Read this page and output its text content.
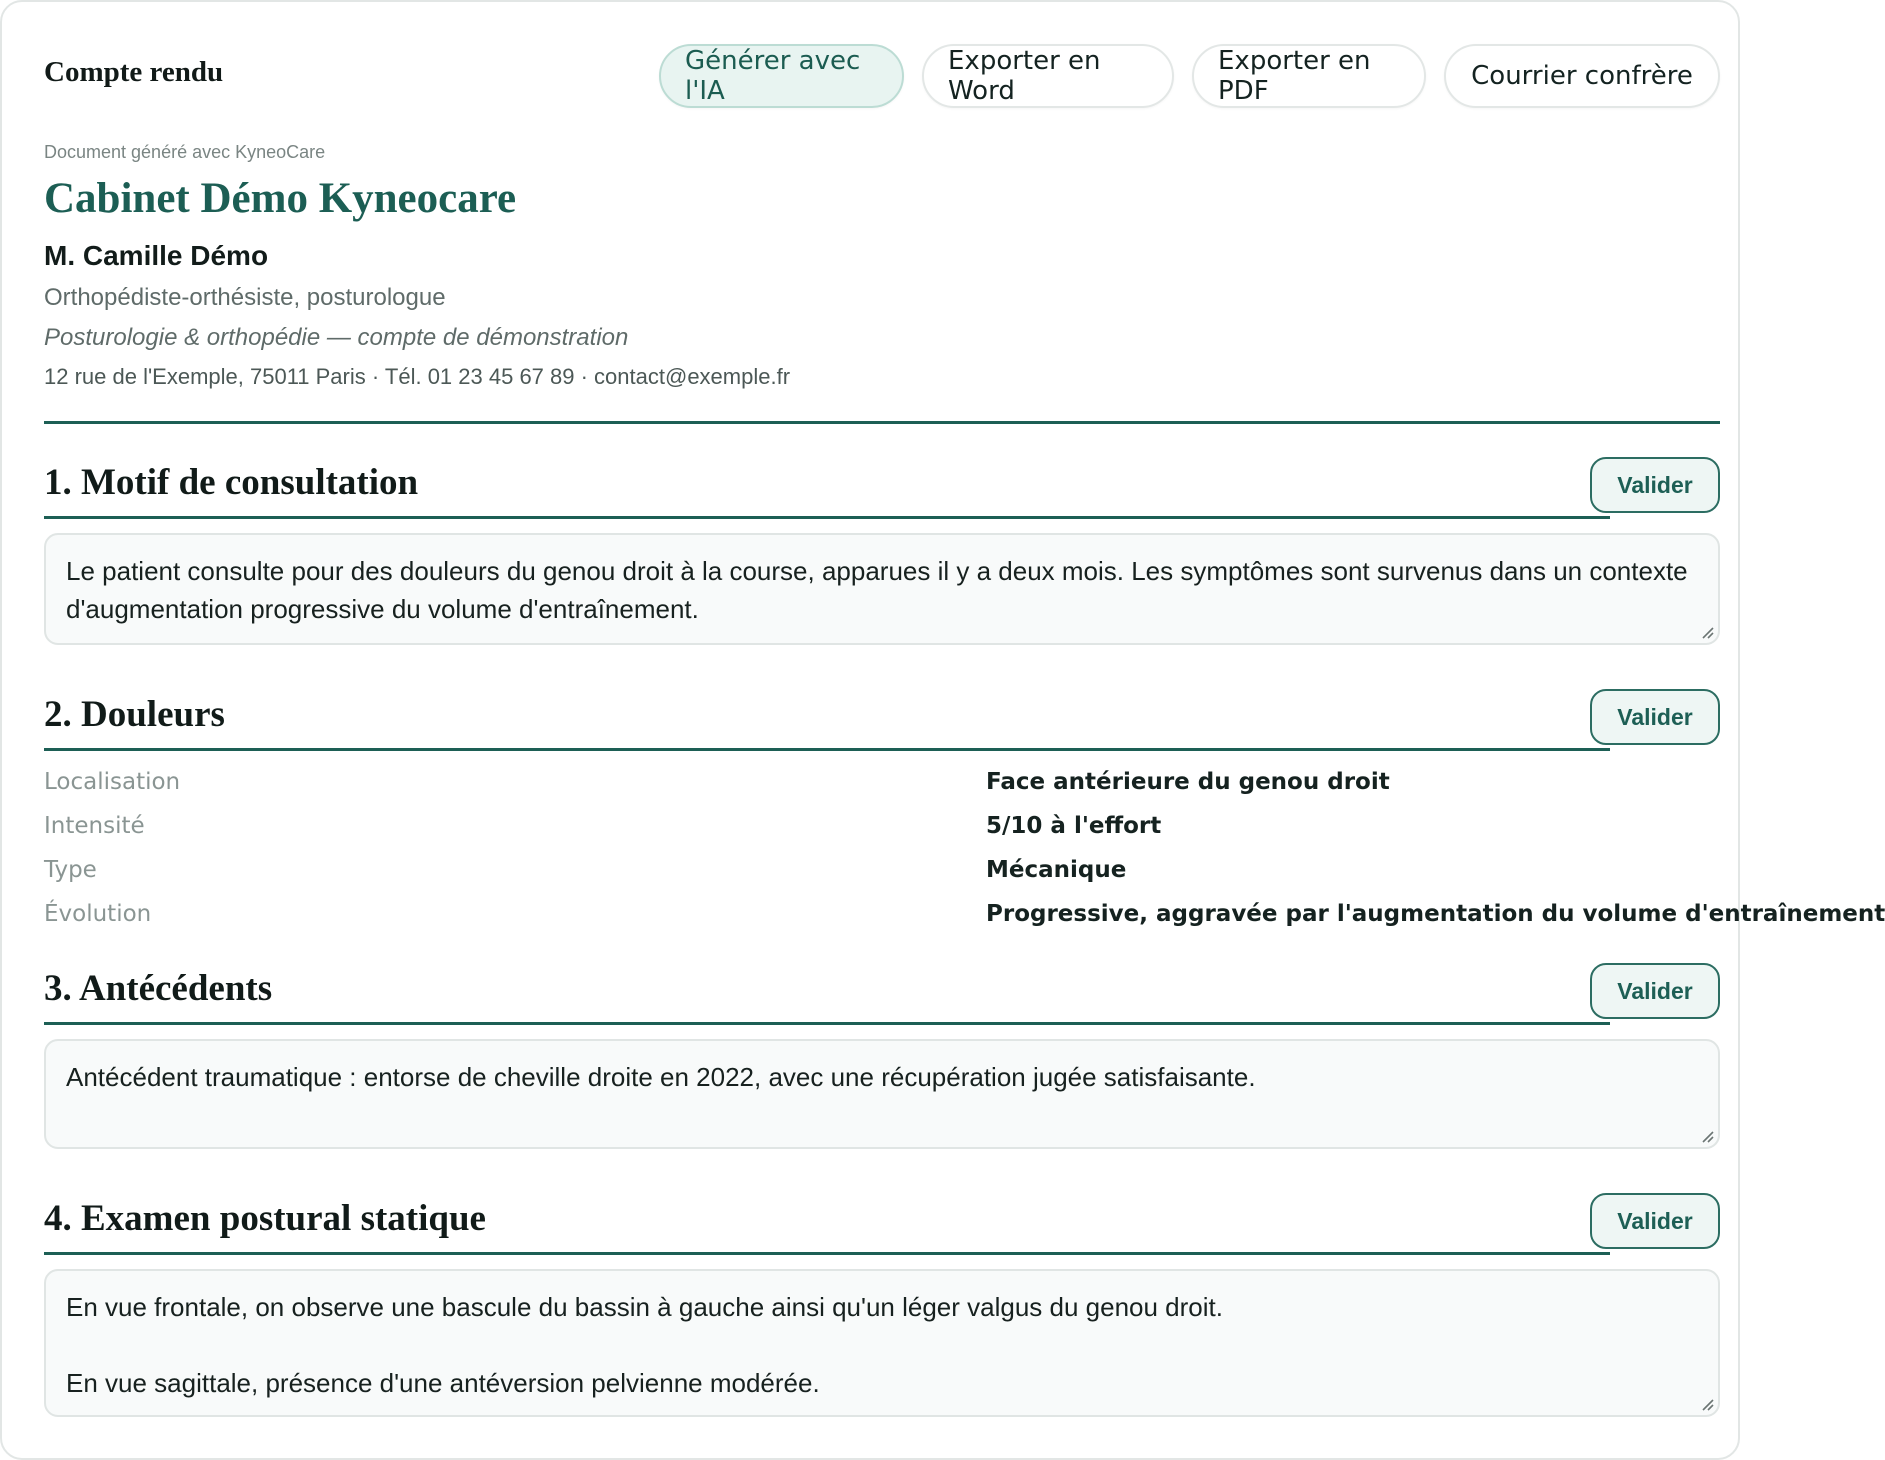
Compte rendu	Générer avec l'IA
Exporter en Word
Exporter en PDF	Courrier confrère
Document généré avec KyneoCare
Cabinet Démo Kyneocare
M. Camille Démo
Orthopédiste-orthésiste, posturologue
Posturologie & orthopédie — compte de démonstration
12 rue de l'Exemple, 75011 Paris · Tél. 01 23 45 67 89 · contact@exemple.fr
1. Motif de consultation	Valider

Le patient consulte pour des douleurs du genou droit à la course, apparues il y a deux mois. Les symptômes sont survenus dans un contexte d'augmentation progressive du volume d'entraînement.

2. Douleurs	Valider
Localisation	Face antérieure du genou droit
Intensité	5/10 à l'effort
Type	Mécanique
Évolution	Progressive, aggravée par l'augmentation du volume d'entraînement
3. Antécédents	Valider

Antécédent traumatique : entorse de cheville droite en 2022, avec une récupération jugée satisfaisante.

4. Examen postural statique	Valider

En vue frontale, on observe une bascule du bassin à gauche ainsi qu'un léger valgus du genou droit.

En vue sagittale, présence d'une antéversion pelvienne modérée.
